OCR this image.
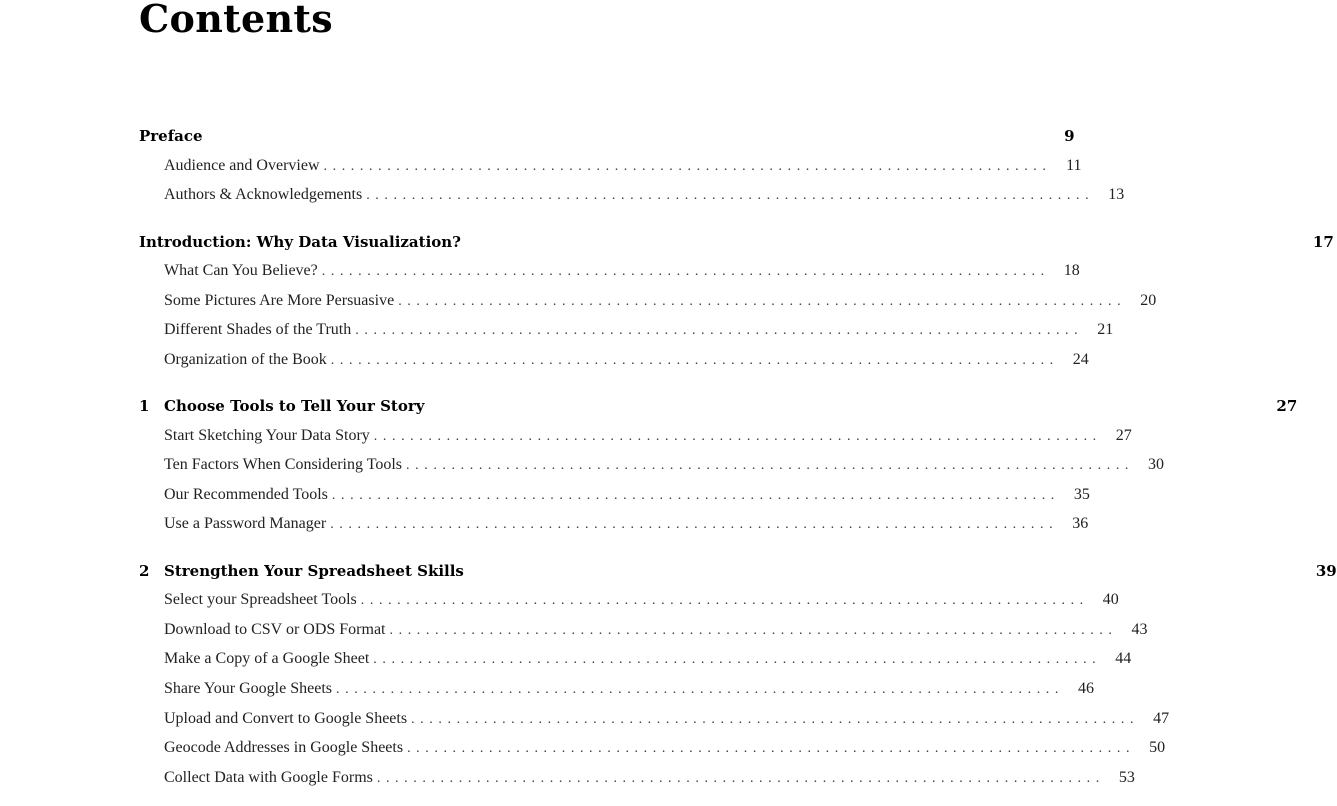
Contents
Preface	9
Audience and Overview ................................................................................ 11
Authors & Acknowledgements ................................................................................ 13
Introduction: Why Data Visualization?	17
What Can You Believe? ................................................................................ 18
Some Pictures Are More Persuasive ................................................................................ 20
Different Shades of the Truth ................................................................................ 21
Organization of the Book ................................................................................ 24
1 Choose Tools to Tell Your Story	27
Start Sketching Your Data Story ................................................................................ 27
Ten Factors When Considering Tools ................................................................................ 30
Our Recommended Tools ................................................................................ 35
Use a Password Manager ................................................................................ 36
2 Strengthen Your Spreadsheet Skills	39
Select your Spreadsheet Tools ................................................................................ 40
Download to CSV or ODS Format ................................................................................ 43
Make a Copy of a Google Sheet ................................................................................ 44
Share Your Google Sheets ................................................................................ 46
Upload and Convert to Google Sheets ................................................................................ 47
Geocode Addresses in Google Sheets ................................................................................ 50
Collect Data with Google Forms ................................................................................ 53
